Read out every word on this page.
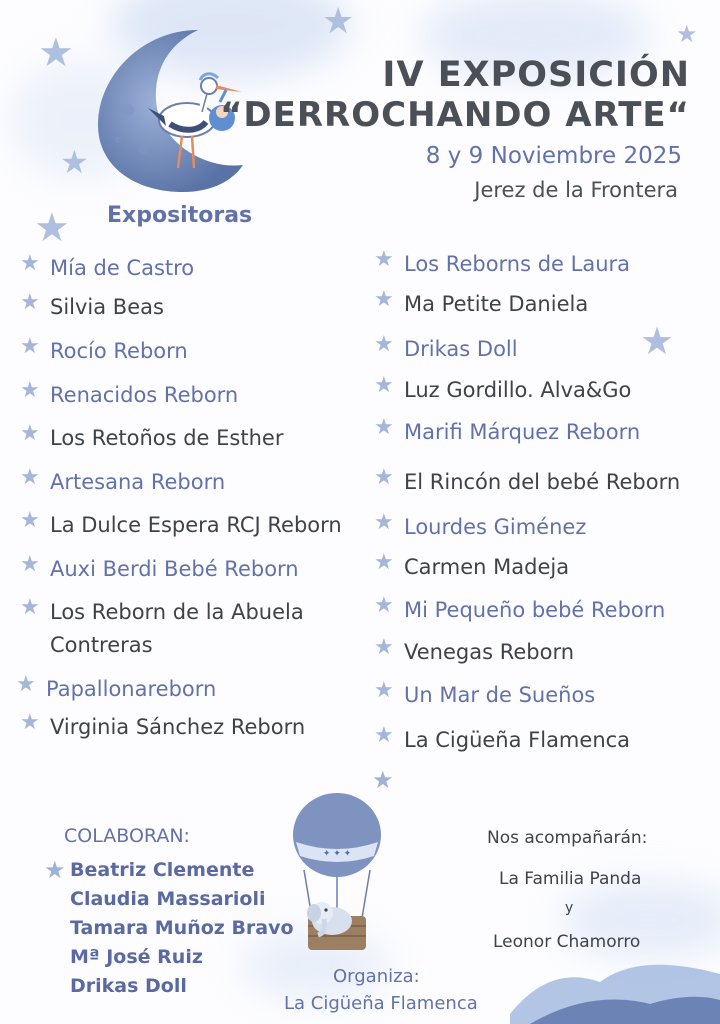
✦ ✦ ✦
★
★	★
★
★
★
★
★
IV EXPOSICIÓN
“DERROCHANDO ARTE“
8 y 9 Noviembre 2025
Jerez de la Frontera
Expositoras
★ Mía de Castro
★ Silvia Beas
★ Rocío Reborn
★ Renacidos Reborn
★ Los Retoños de Esther
★ Artesana Reborn
★ La Dulce Espera RCJ Reborn
★ Auxi Berdi Bebé Reborn
★ Los Reborn de la Abuela Contreras
★ Papallonareborn
★ Virginia Sánchez Reborn
★ Los Reborns de Laura
★ Ma Petite Daniela
★ Drikas Doll
★ Luz Gordillo. Alva&Go
★ Marifi Márquez Reborn
★ El Rincón del bebé Reborn
★ Lourdes Giménez
★ Carmen Madeja
★ Mi Pequeño bebé Reborn
★ Venegas Reborn
★ Un Mar de Sueños
★ La Cigüeña Flamenca
COLABORAN:
Beatriz Clemente
Claudia Massarioli
Tamara Muñoz Bravo
Mª José Ruiz
Drikas Doll
Nos acompañarán:
La Familia Panda
y
Leonor Chamorro
Organiza:
La Cigüeña Flamenca
